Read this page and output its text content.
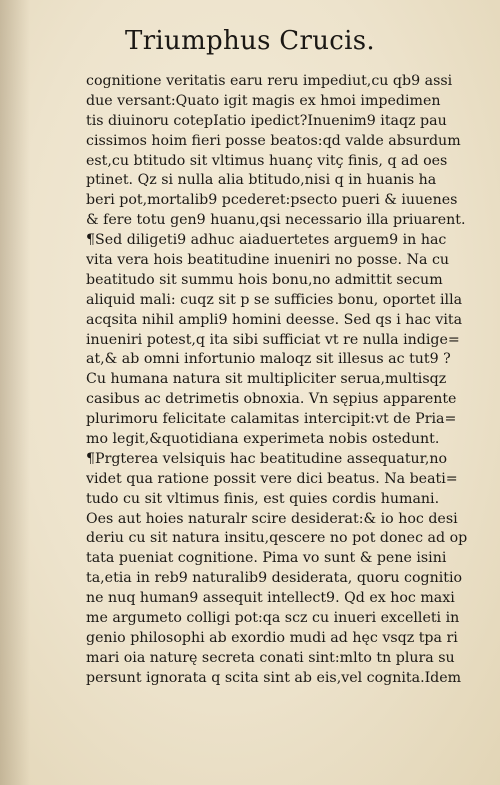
Triumphus Crucis.
cognitione veritatis earu reru impediut,cu qb9 assi
due versant:Quato igit magis ex hmoi impedimen
tis diuinoru cotepIatio ipedict?Inuenim9 itaqz pau
cissimos hoim fieri posse beatos:qd valde absurdum
est,cu btitudo sit vltimus huanç vitç finis, q ad oes
ptinet. Qz si nulla alia btitudo,nisi q in huanis ha
beri pot,mortalib9 pcederet:psecto pueri & iuuenes
& fere totu gen9 huanu,qsi necessario illa priuarent.
¶Sed diligeti9 adhuc aiaduertetes arguem9 in hac
vita vera hois beatitudine inueniri no posse. Na cu
beatitudo sit summu hois bonu,no admittit secum
aliquid mali: cuqz sit p se sufficies bonu, oportet illa
acqsita nihil ampli9 homini deesse. Sed qs i hac vita
inueniri potest,q ita sibi sufficiat vt re nulla indige=
at,& ab omni infortunio maloqz sit illesus ac tut9 ?
Cu humana natura sit multipliciter serua,multisqz
casibus ac detrimetis obnoxia. Vn sępius apparente
plurimoru felicitate calamitas intercipit:vt de Pria=
mo legit,&quotidiana experimeta nobis ostedunt.
¶Prgterea velsiquis hac beatitudine assequatur,no
videt qua ratione possit vere dici beatus. Na beati=
tudo cu sit vltimus finis, est quies cordis humani.
Oes aut hoies naturalr scire desiderat:& io hoc desi
deriu cu sit natura insitu,qescere no pot donec ad op
tata pueniat cognitione. Pima vo sunt & pene isini
ta,etia in reb9 naturalib9 desiderata, quoru cognitio
ne nuq human9 assequit intellect9. Qd ex hoc maxi
me argumeto colligi pot:qa scz cu inueri excelleti in
genio philosophi ab exordio mudi ad hęc vsqz tpa ri
mari oia naturę secreta conati sint:mlto tn plura su
persunt ignorata q scita sint ab eis,vel cognita.Idem
